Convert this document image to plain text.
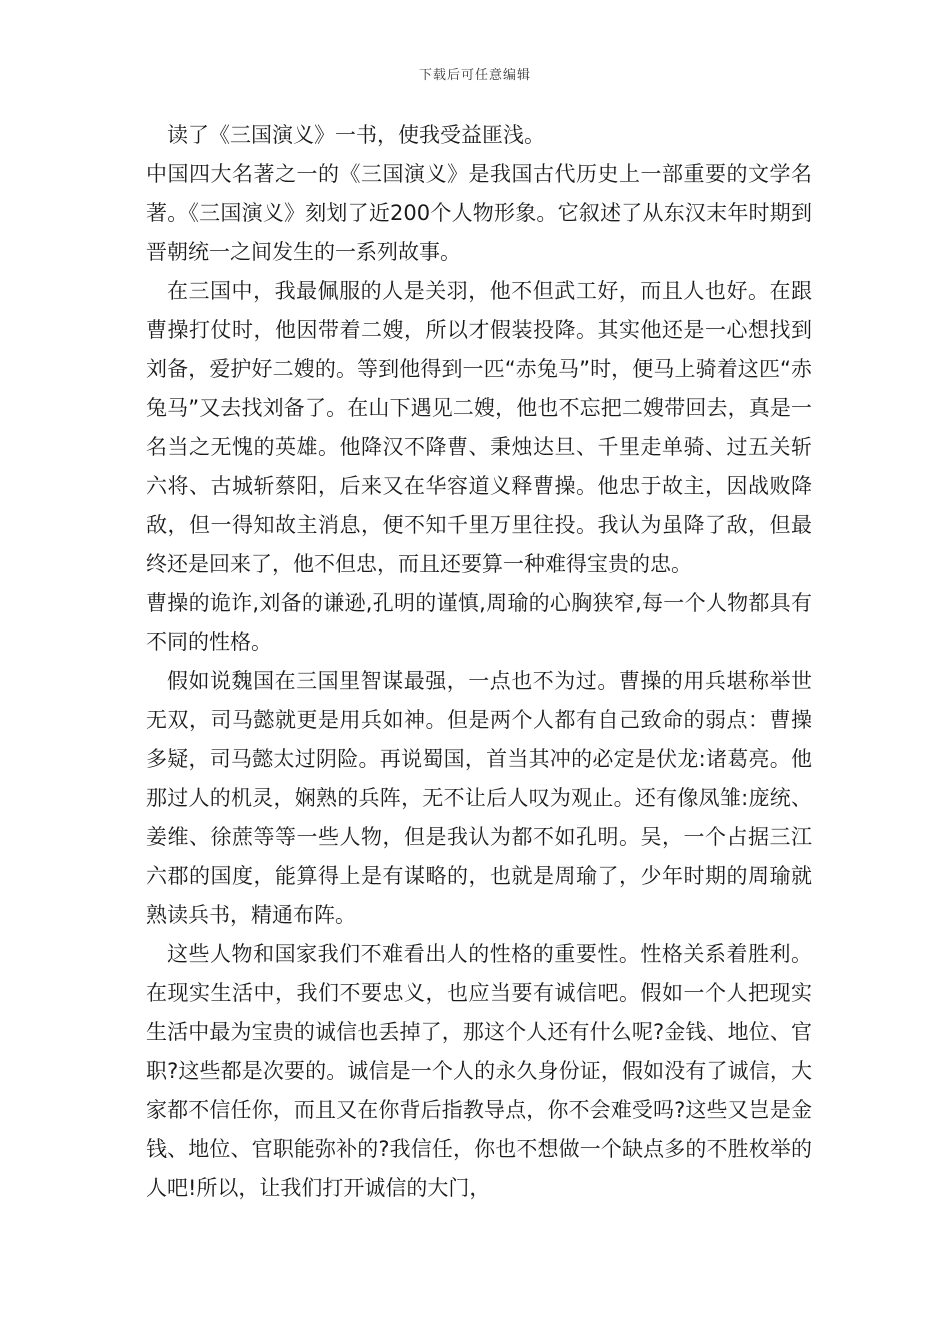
下载后可任意编辑

读了《三国演义》一书，使我受益匪浅。

中国四大名著之一的《三国演义》是我国古代历史上一部重要的文学名著。《三国演义》刻划了近200个人物形象。它叙述了从东汉末年时期到晋朝统一之间发生的一系列故事。

在三国中，我最佩服的人是关羽，他不但武工好，而且人也好。在跟曹操打仗时，他因带着二嫂，所以才假装投降。其实他还是一心想找到刘备，爱护好二嫂的。等到他得到一匹“赤兔马”时，便马上骑着这匹“赤兔马”又去找刘备了。在山下遇见二嫂，他也不忘把二嫂带回去，真是一名当之无愧的英雄。他降汉不降曹、秉烛达旦、千里走单骑、过五关斩六将、古城斩蔡阳，后来又在华容道义释曹操。他忠于故主，因战败降敌，但一得知故主消息，便不知千里万里往投。我认为虽降了敌，但最终还是回来了，他不但忠，而且还要算一种难得宝贵的忠。

曹操的诡诈,刘备的谦逊,孔明的谨慎,周瑜的心胸狭窄,每一个人物都具有不同的性格。

假如说魏国在三国里智谋最强，一点也不为过。曹操的用兵堪称举世无双，司马懿就更是用兵如神。但是两个人都有自己致命的弱点：曹操多疑，司马懿太过阴险。再说蜀国，首当其冲的必定是伏龙:诸葛亮。他那过人的机灵，娴熟的兵阵，无不让后人叹为观止。还有像凤雏:庞统、姜维、徐蔗等等一些人物，但是我认为都不如孔明。吴，一个占据三江六郡的国度，能算得上是有谋略的，也就是周瑜了，少年时期的周瑜就熟读兵书，精通布阵。

这些人物和国家我们不难看出人的性格的重要性。性格关系着胜利。在现实生活中，我们不要忠义，也应当要有诚信吧。假如一个人把现实生活中最为宝贵的诚信也丢掉了，那这个人还有什么呢?金钱、地位、官职?这些都是次要的。诚信是一个人的永久身份证，假如没有了诚信，大家都不信任你，而且又在你背后指教导点，你不会难受吗?这些又岂是金钱、地位、官职能弥补的?我信任，你也不想做一个缺点多的不胜枚举的人吧!所以，让我们打开诚信的大门，
